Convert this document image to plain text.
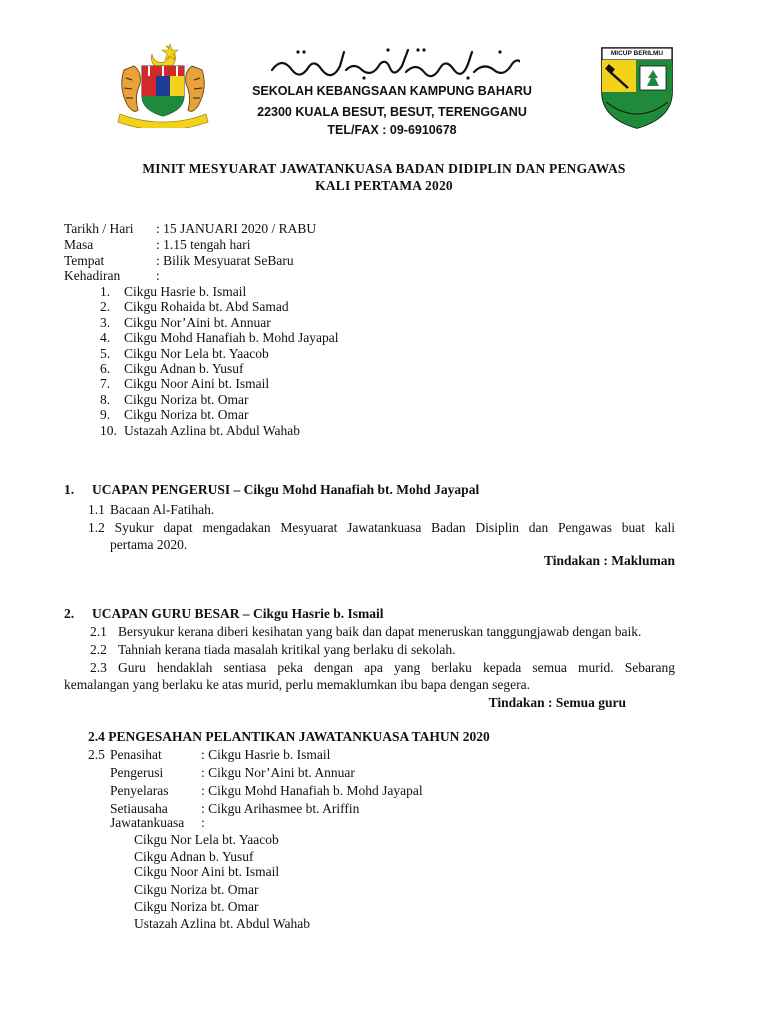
SEKOLAH KEBANGSAAN KAMPUNG BAHARU
22300 KUALA BESUT, BESUT, TERENGGANU
TEL/FAX : 09-6910678
MICUP BERILMU
MINIT MESYUARAT JAWATANKUASA BADAN DIDIPLIN DAN PENGAWAS
KALI PERTAMA 2020
Tarikh / Hari : 15 JANUARI 2020 / RABU
Masa	: 1.15 tengah hari
Tempat	: Bilik Mesyuarat SeBaru
Kehadiran	:
1. Cikgu Hasrie b. Ismail
2. Cikgu Rohaida bt. Abd Samad
3. Cikgu Nor’Aini bt. Annuar
4. Cikgu Mohd Hanafiah b. Mohd Jayapal
5. Cikgu Nor Lela bt. Yaacob
6. Cikgu Adnan b. Yusuf
7. Cikgu Noor Aini bt. Ismail
8. Cikgu Noriza bt. Omar
9. Cikgu Noriza bt. Omar
10. Ustazah Azlina bt. Abdul Wahab
1. UCAPAN PENGERUSI – Cikgu Mohd Hanafiah bt. Mohd Jayapal
1.1 Bacaan Al-Fatihah.
1.2 Syukur dapat mengadakan Mesyuarat Jawatankuasa Badan Disiplin dan Pengawas buat kali
pertama 2020.
Tindakan : Makluman
2. UCAPAN GURU BESAR – Cikgu Hasrie b. Ismail
2.1 Bersyukur kerana diberi kesihatan yang baik dan dapat meneruskan tanggungjawab dengan baik.
2.2 Tahniah kerana tiada masalah kritikal yang berlaku di sekolah.
2.3 Guru hendaklah sentiasa peka dengan apa yang berlaku kepada semua murid. Sebarang
kemalangan yang berlaku ke atas murid, perlu memaklumkan ibu bapa dengan segera.
Tindakan : Semua guru
2.4 PENGESAHAN PELANTIKAN JAWATANKUASA TAHUN 2020
2.5 Penasihat	: Cikgu Hasrie b. Ismail
Pengerusi	: Cikgu Nor’Aini bt. Annuar
Penyelaras : Cikgu Mohd Hanafiah b. Mohd Jayapal
Setiausaha : Cikgu Arihasmee bt. Ariffin
Jawatankuasa :
Cikgu Nor Lela bt. Yaacob
Cikgu Adnan b. Yusuf
Cikgu Noor Aini bt. Ismail
Cikgu Noriza bt. Omar
Cikgu Noriza bt. Omar
Ustazah Azlina bt. Abdul Wahab
